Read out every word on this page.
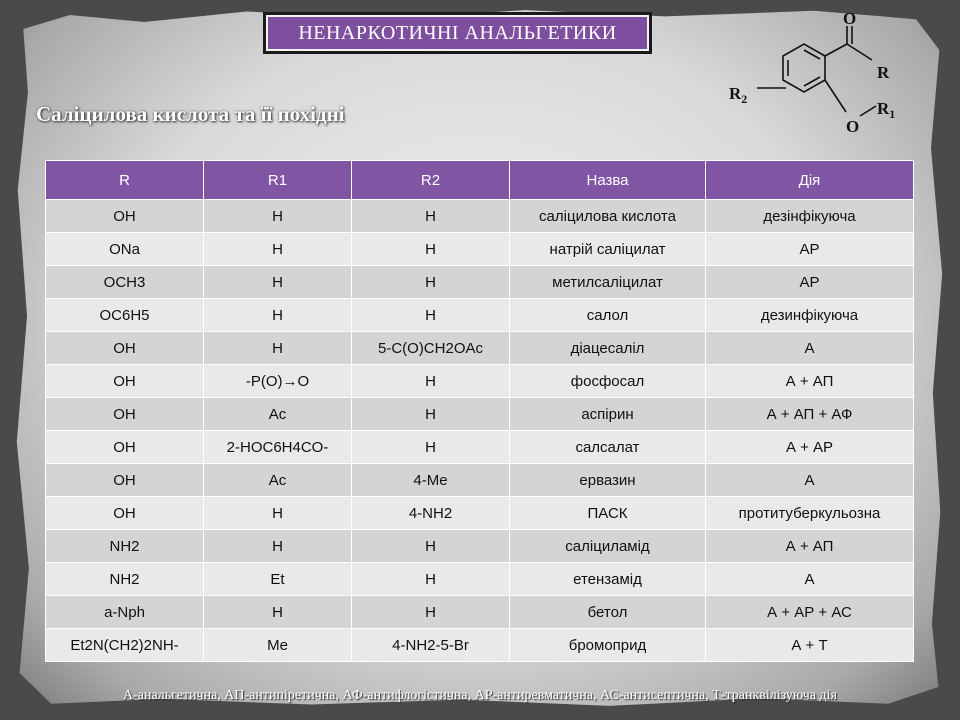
НЕНАРКОТИЧНІ АНАЛЬГЕТИКИ
Саліцилова кислота та її похідні
O
R
$R_2$
O
$R_1$
R	R1	R2	Назва	Дія
OH	H	H	саліцилова кислота	дезінфікуюча
ONa	H	H	натрій саліцилат	АР
OCH3	H	H	метилсаліцилат	АР
OC6H5	H	H	салол	дезинфікуюча
OH	H	5-C(O)CH2OAc	діацесаліл	А
OH	-P(O)→O	H	фосфосал	А + АП
OH	Ac	H	аспірин	А + АП + АФ
OH	2-HOC6H4CO-	H	салсалат	А + АР
OH	Ac	4-Me	ервазин	А
OH	H	4-NH2	ПАСК	протитуберкульозна
NH2	H	H	саліциламід	А + АП
NH2	Et	H	етензамід	А
a-Nph	H	H	бетол	А + АР + АС
Et2N(CH2)2NH-	Me	4-NH2-5-Br	бромоприд	А + Т
А-анальгетична, АП-антипіретична, АФ-антифлогістична, АР-антиревматична, АС-антисептична, Т-транквілізуюча дія
